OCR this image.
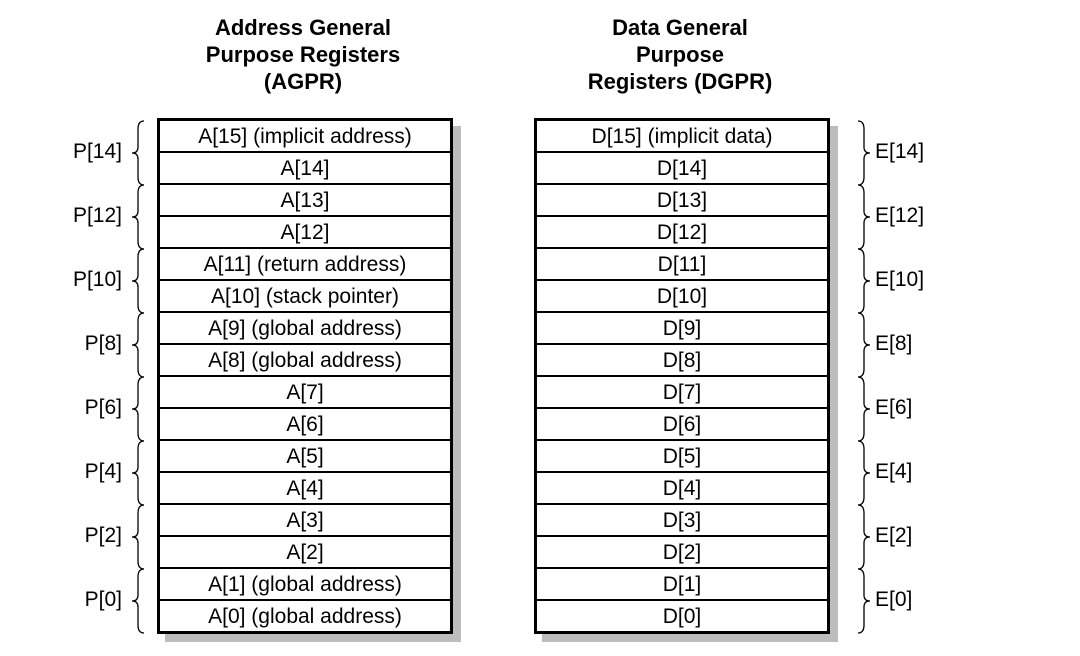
Address General
Purpose Registers
(AGPR)
Data General
Purpose
Registers (DGPR)
A[15] (implicit address)
A[14]
A[13]
A[12]
A[11] (return address)
A[10] (stack pointer)
A[9] (global address)
A[8] (global address)
A[7]
A[6]
A[5]
A[4]
A[3]
A[2]
A[1] (global address)
A[0] (global address)
D[15] (implicit data)
D[14]
D[13]
D[12]
D[11]
D[10]
D[9]
D[8]
D[7]
D[6]
D[5]
D[4]
D[3]
D[2]
D[1]
D[0]
P[14]
P[12]
P[10]
P[8]
P[6]
P[4]
P[2]
P[0]
E[14]
E[12]
E[10]
E[8]
E[6]
E[4]
E[2]
E[0]
